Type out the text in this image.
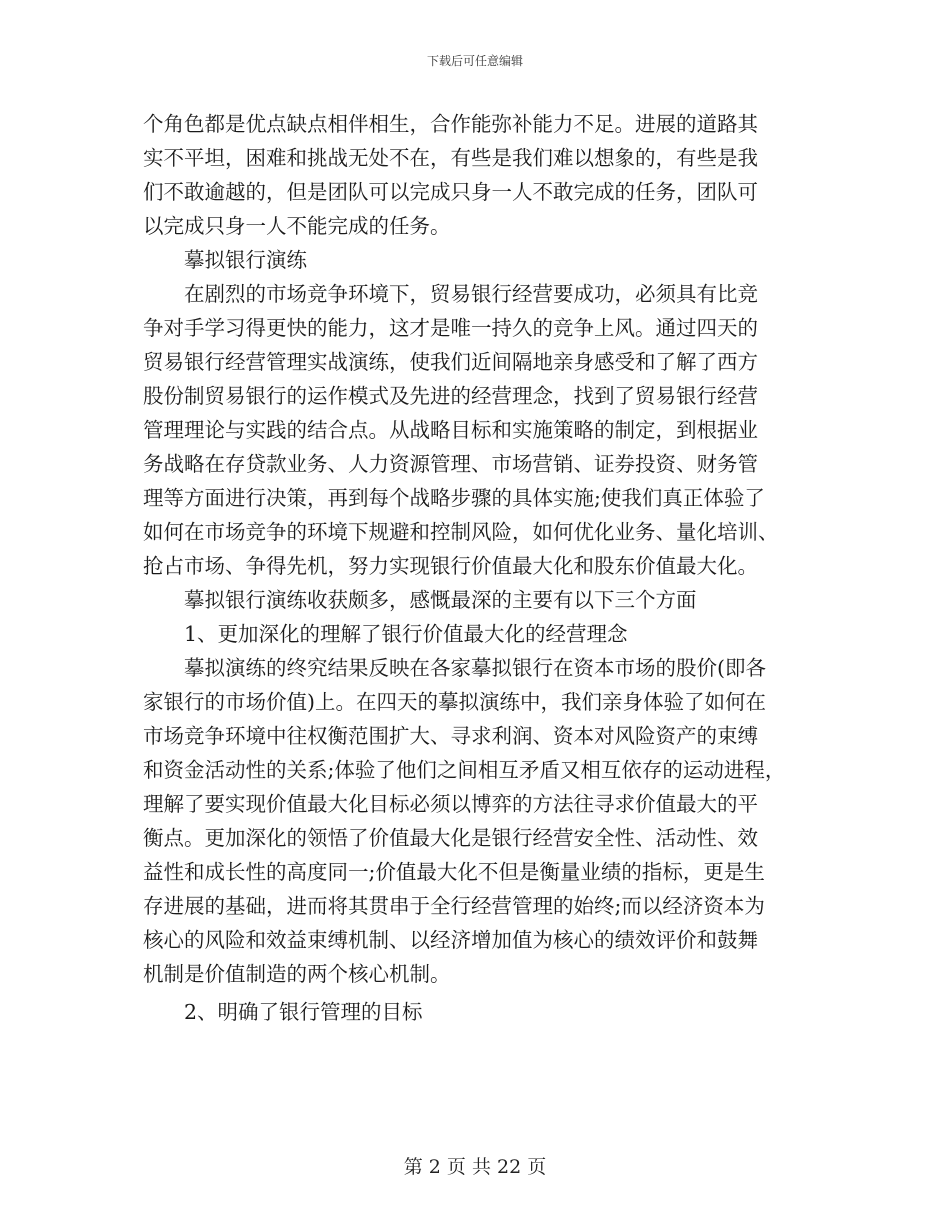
下载后可任意编辑
个角色都是优点缺点相伴相生，合作能弥补能力不足。进展的道路其
实不平坦，困难和挑战无处不在，有些是我们难以想象的，有些是我
们不敢逾越的，但是团队可以完成只身一人不敢完成的任务，团队可
以完成只身一人不能完成的任务。
摹拟银行演练
在剧烈的市场竞争环境下，贸易银行经营要成功，必须具有比竞
争对手学习得更快的能力，这才是唯一持久的竞争上风。通过四天的
贸易银行经营管理实战演练，使我们近间隔地亲身感受和了解了西方
股份制贸易银行的运作模式及先进的经营理念，找到了贸易银行经营
管理理论与实践的结合点。从战略目标和实施策略的制定，到根据业
务战略在存贷款业务、人力资源管理、市场营销、证券投资、财务管
理等方面进行决策，再到每个战略步骤的具体实施;使我们真正体验了
如何在市场竞争的环境下规避和控制风险，如何优化业务、量化培训、
抢占市场、争得先机，努力实现银行价值最大化和股东价值最大化。
摹拟银行演练收获颇多，感慨最深的主要有以下三个方面
1、更加深化的理解了银行价值最大化的经营理念
摹拟演练的终究结果反映在各家摹拟银行在资本市场的股价(即各
家银行的市场价值)上。在四天的摹拟演练中，我们亲身体验了如何在
市场竞争环境中往权衡范围扩大、寻求利润、资本对风险资产的束缚
和资金活动性的关系;体验了他们之间相互矛盾又相互依存的运动进程，
理解了要实现价值最大化目标必须以博弈的方法往寻求价值最大的平
衡点。更加深化的领悟了价值最大化是银行经营安全性、活动性、效
益性和成长性的高度同一;价值最大化不但是衡量业绩的指标，更是生
存进展的基础，进而将其贯串于全行经营管理的始终;而以经济资本为
核心的风险和效益束缚机制、以经济增加值为核心的绩效评价和鼓舞
机制是价值制造的两个核心机制。
2、明确了银行管理的目标
第 2 页 共 22 页
